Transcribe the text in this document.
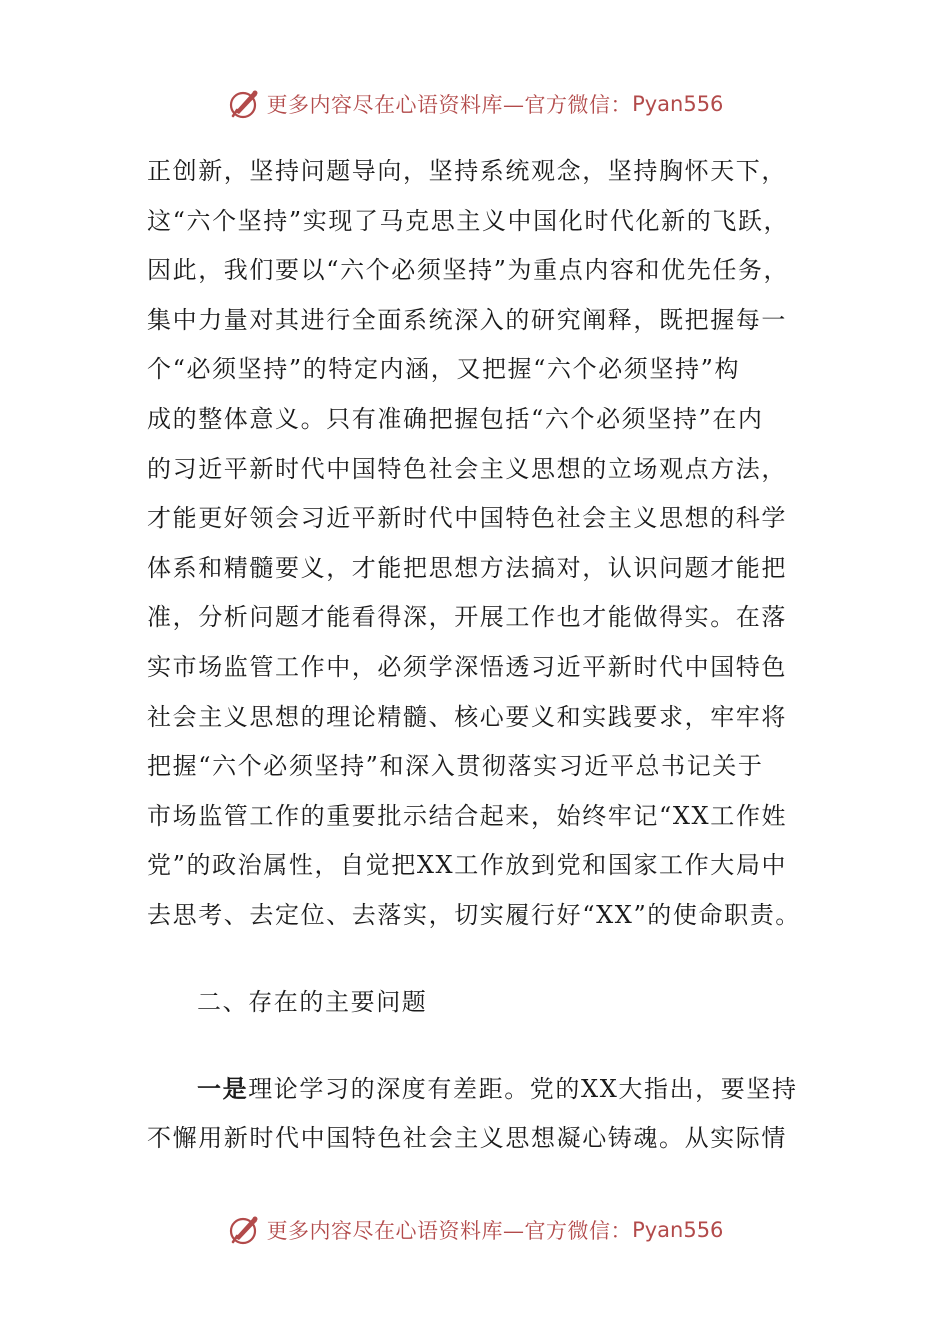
更多内容尽在心语资料库—官方微信： Pyan556
正创新，坚持问题导向，坚持系统观念，坚持胸怀天下，
这“六个坚持”实现了马克思主义中国化时代化新的飞跃，
因此，我们要以“六个必须坚持”为重点内容和优先任务，
集中力量对其进行全面系统深入的研究阐释，既把握每一
个“必须坚持”的特定内涵，又把握“六个必须坚持”构
成的整体意义。只有准确把握包括“六个必须坚持”在内
的习近平新时代中国特色社会主义思想的立场观点方法，
才能更好领会习近平新时代中国特色社会主义思想的科学
体系和精髓要义，才能把思想方法搞对，认识问题才能把
准，分析问题才能看得深，开展工作也才能做得实。在落
实市场监管工作中，必须学深悟透习近平新时代中国特色
社会主义思想的理论精髓、核心要义和实践要求，牢牢将
把握“六个必须坚持”和深入贯彻落实习近平总书记关于
市场监管工作的重要批示结合起来，始终牢记“XX工作姓
党”的政治属性，自觉把XX工作放到党和国家工作大局中
去思考、去定位、去落实，切实履行好“XX”的使命职责。
二、存在的主要问题
一是理论学习的深度有差距。党的XX大指出，要坚持
不懈用新时代中国特色社会主义思想凝心铸魂。从实际情
更多内容尽在心语资料库—官方微信： Pyan556
